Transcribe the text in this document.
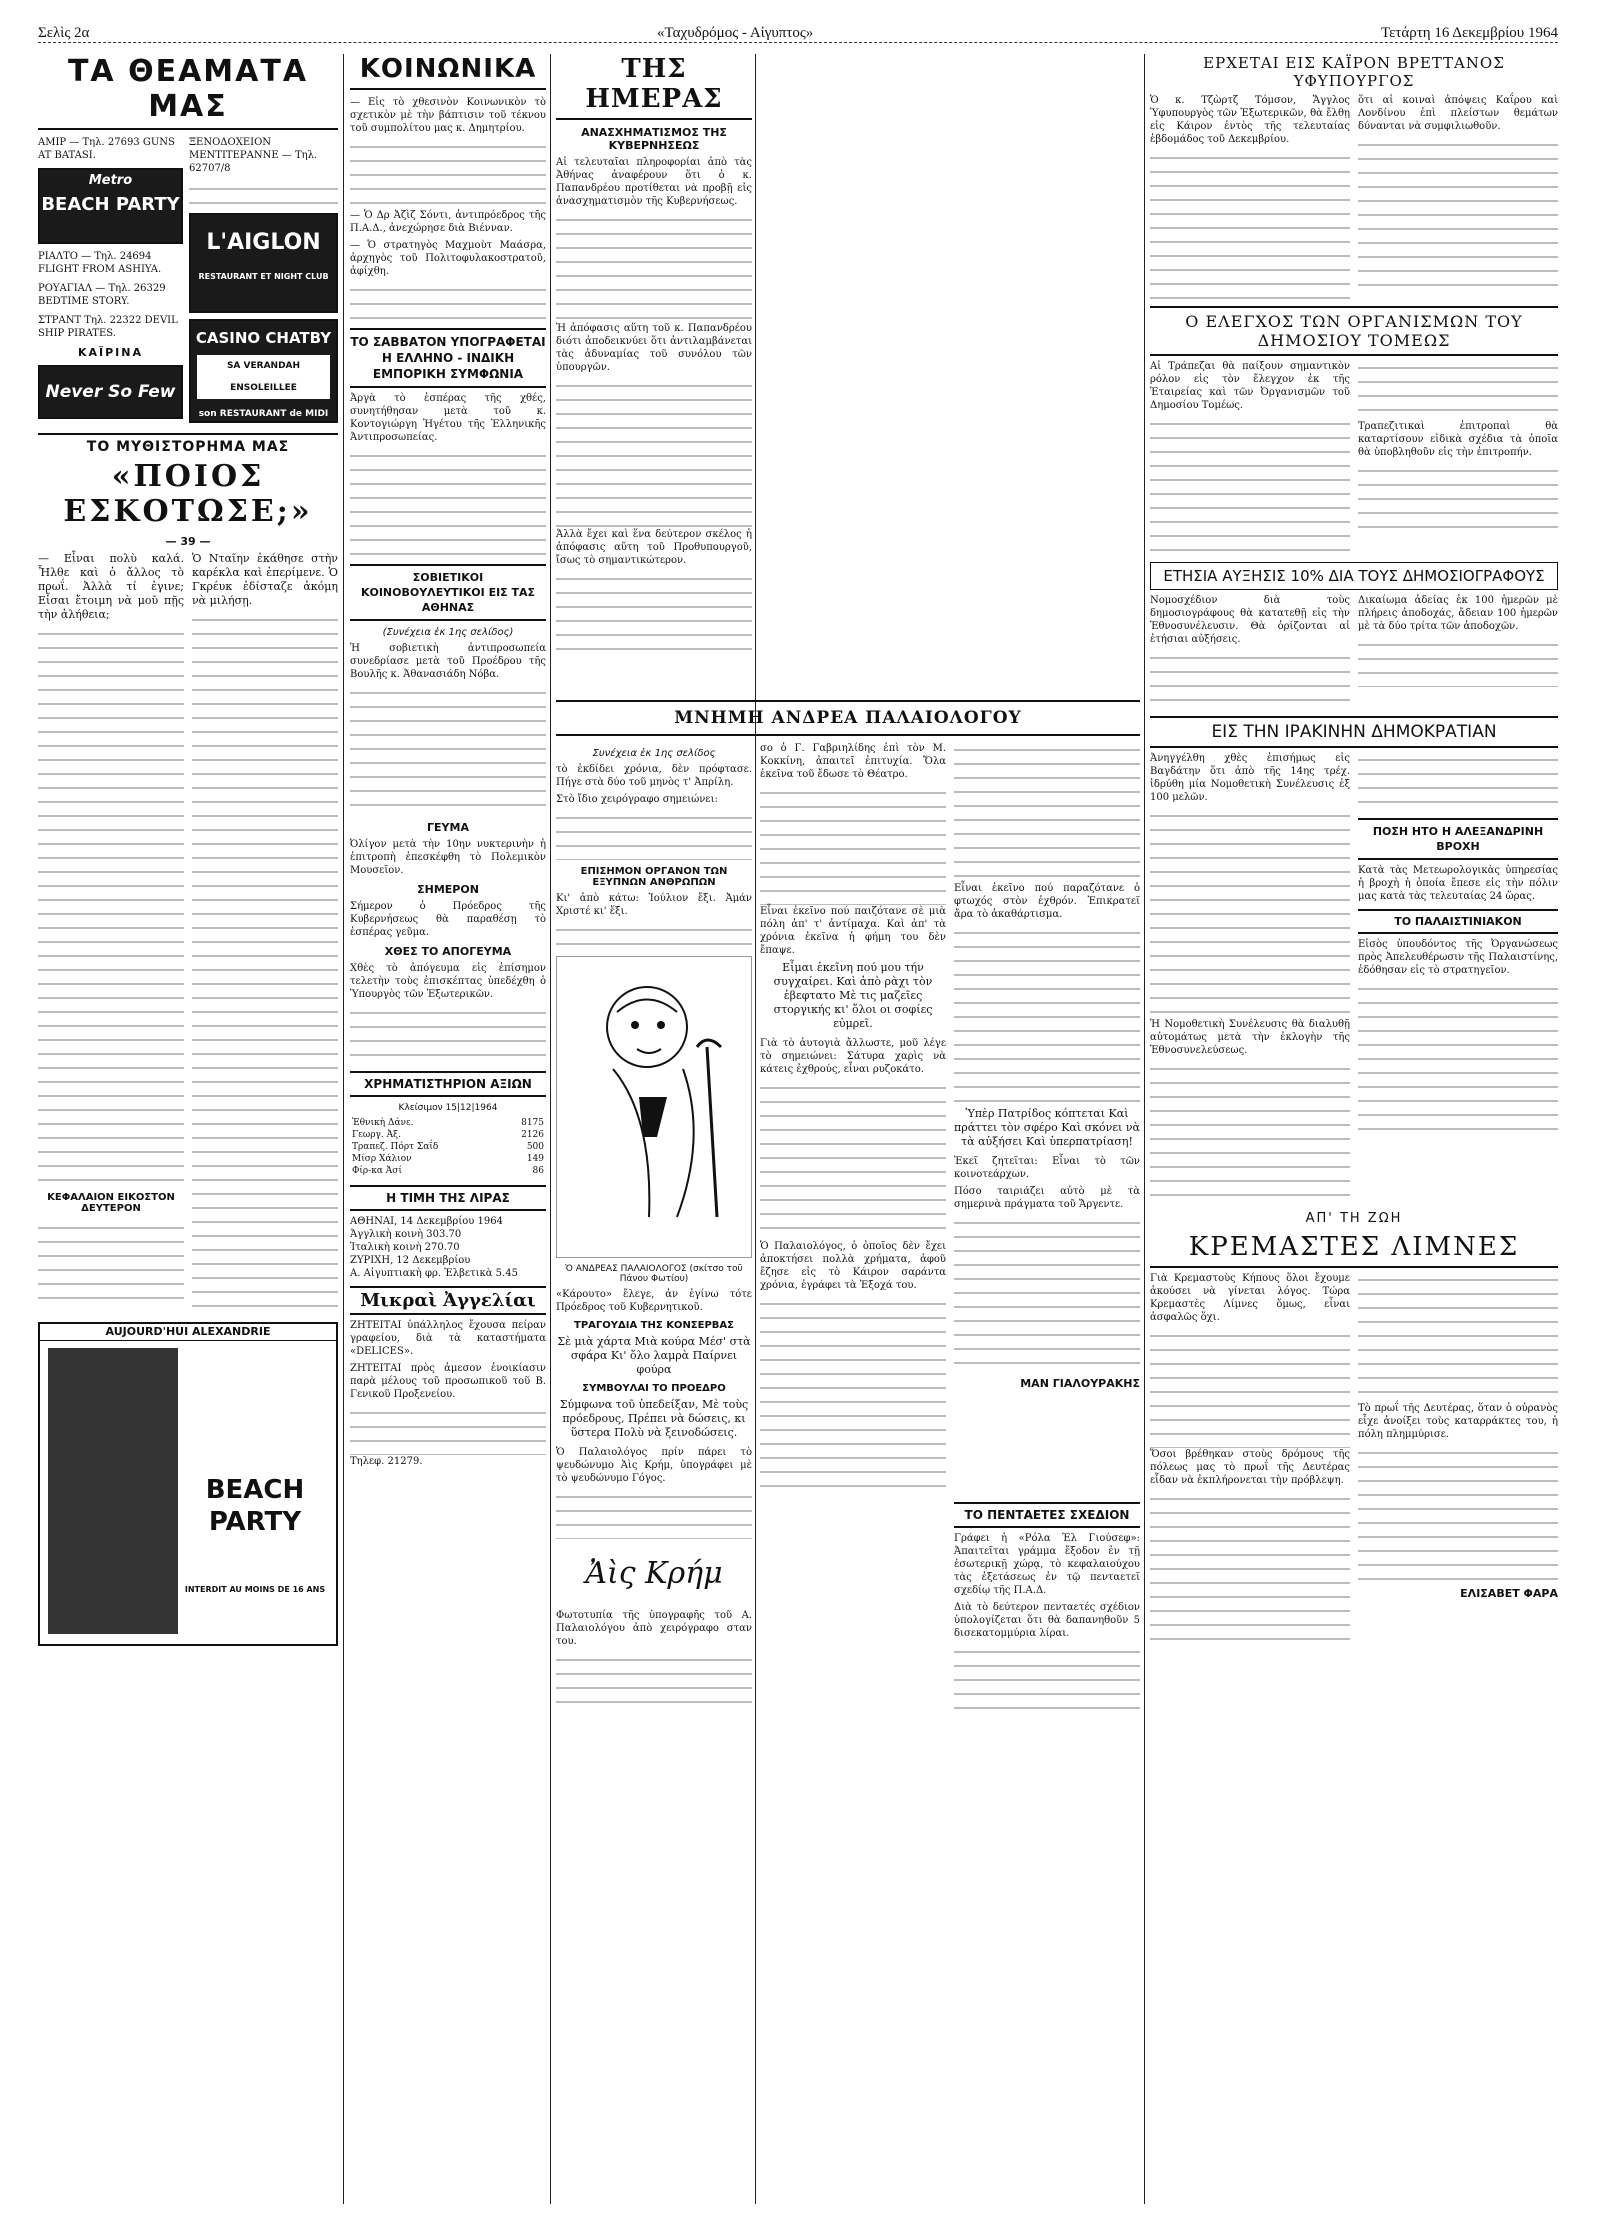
Σελὶς 2α	«Ταχυδρόμος - Αἰγυπτος»	Τετάρτη 16 Δεκεμβρίου 1964
ΤΑ ΘΕΑΜΑΤΑ ΜΑΣ

ΑΜΙΡ — Τηλ. 27693 GUNS AT BATASI.

Metro
BEACH PARTY

ΡΙΑΛΤΟ — Τηλ. 24694 FLIGHT FROM ASHIYA.

ΡΟΥΑΓΙΑΛ — Τηλ. 26329 BEDTIME STORY.

ΣΤΡΑΝΤ Τηλ. 22322 DEVIL SHIP PIRATES.

ΚΑΪΡΙΝΑ
Never So Few

ΞΕΝΟΔΟΧΕΙΟΝ ΜΕΝΤΙΤΕΡΑΝΝΕ — Τηλ. 62707/8

L'AIGLON
RESTAURANT ET NIGHT CLUB
CASINO CHATBY
SA VERANDAH ENSOLEILLEE
son RESTAURANT de MIDI
ΤΟ ΜΥΘΙΣΤΟΡΗΜΑ ΜΑΣ
«ΠΟΙΟΣ ΕΣΚΟΤΩΣΕ;»
— 39 —

— Εἶναι πολὺ καλά. Ἦλθε καὶ ὁ ἄλλος τὸ πρωΐ. Ἀλλὰ τί ἐγινε; Εἶσαι ἔτοιμη νὰ μοῦ πῇς τὴν ἀλήθεια;

ΚΕΦΑΛΑΙΟΝ ΕΙΚΟΣΤΟΝ ΔΕΥΤΕΡΟΝ

Ὁ Νταῖην ἐκάθησε στὴν καρέκλα καὶ ἐπερίμενε. Ὁ Γκρέυκ ἐδίσταζε ἀκόμη νὰ μιλήσῃ.

AUJOURD'HUI ALEXANDRIE
BEACH PARTY
INTERDIT AU MOINS DE 16 ANS
ΚΟΙΝΩΝΙΚΑ

— Εἰς τὸ χθεσινὸν Κοινωνικὸν τὸ σχετικὸν μὲ τὴν βάπτισιν τοῦ τέκνου τοῦ συμπολίτου μας κ. Δημητρίου.

— Ὁ Δρ Ἀζὶζ Σόντι, ἀντιπρόεδρος τῆς Π.Α.Δ., ἀνεχώρησε διὰ Βιένναν.

— Ὁ στρατηγὸς Μαχμοὺτ Μαάσρα, ἀρχηγὸς τοῦ Πολιτοφυλακοστρατοῦ, ἀφίχθη.

ΤΟ ΣΑΒΒΑΤΟΝ ΥΠΟΓΡΑΦΕΤΑΙ Η ΕΛΛΗΝΟ - ΙΝΔΙΚΗ ΕΜΠΟΡΙΚΗ ΣΥΜΦΩΝΙΑ

Ἀργὰ τὸ ἑσπέρας τῆς χθές, συνητήθησαν μετὰ τοῦ κ. Κοντογιώργη Ἡγέτου τῆς Ἑλληνικῆς Ἀντιπροσωπείας.

ΣΟΒΙΕΤΙΚΟΙ ΚΟΙΝΟΒΟΥΛΕΥΤΙΚΟΙ ΕΙΣ ΤΑΣ ΑΘΗΝΑΣ
(Συνέχεια ἐκ 1ης σελίδος)

Ἡ σοβιετικὴ ἀντιπροσωπεία συνεδρίασε μετὰ τοῦ Προέδρου τῆς Βουλῆς κ. Ἀθανασιάδη Νόβα.

ΓΕΥΜΑ

Ὀλίγον μετὰ τὴν 10ην νυκτερινὴν ἡ ἐπιτροπὴ ἐπεσκέφθη τὸ Πολεμικὸν Μουσεῖον.

ΣΗΜΕΡΟΝ

Σήμερον ὁ Πρόεδρος τῆς Κυβερνήσεως θὰ παραθέσῃ τὸ ἑσπέρας γεῦμα.

ΧΘΕΣ ΤΟ ΑΠΟΓΕΥΜΑ

Χθὲς τὸ ἀπόγευμα εἰς ἐπίσημον τελετὴν τοὺς ἐπισκέπτας ὑπεδέχθη ὁ Ὑπουργὸς τῶν Ἐξωτερικῶν.

ΧΡΗΜΑΤΙΣΤΗΡΙΟΝ ΑΞΙΩΝ
Κλείσιμον 15|12|1964
Ἐθνικὴ Δάνε.	8175
Γεωργ. Ἀξ.	2126
Τραπεζ. Πόρτ Σαΐδ	500
Μίσρ Χάλιον	149
Φίρ-κα Ἀσί	86
Η ΤΙΜΗ ΤΗΣ ΛΙΡΑΣ

ΑΘΗΝΑΙ, 14 Δεκεμβρίου 1964

Ἀγγλικὴ κοινὴ 303.70

Ἰταλικὴ κοινὴ 270.70

ΖΥΡΙΧΗ, 12 Δεκεμβρίου

Α. Αἰγυπτιακὴ φρ. Ἐλβετικὰ 5.45

Μικραὶ Ἀγγελίαι

ΖΗΤΕΙΤΑΙ ὑπάλληλος ἔχουσα πείραν γραφείου, διὰ τὰ καταστήματα «DELICES».

ΖΗΤΕΙΤΑΙ πρὸς ἀμεσον ἐνοικίασιν παρὰ μέλους τοῦ προσωπικοῦ τοῦ Β. Γενικοῦ Προξενείου.

Τηλεφ. 21279.

ΤΗΣ ΗΜΕΡΑΣ
ΑΝΑΣΧΗΜΑΤΙΣΜΟΣ ΤΗΣ ΚΥΒΕΡΝΗΣΕΩΣ

Αἱ τελευταῖαι πληροφορίαι ἀπὸ τὰς Ἀθήνας ἀναφέρουν ὅτι ὁ κ. Παπανδρέου προτίθεται νὰ προβῇ εἰς ἀνασχηματισμὸν τῆς Κυβερνήσεως.

Ἡ ἀπόφασις αὕτη τοῦ κ. Παπανδρέου διότι ἀποδεικνύει ὅτι ἀντιλαμβάνεται τὰς ἀδυναμίας τοῦ συνόλου τῶν ὑπουργῶν.

Ἀλλὰ ἔχει καὶ ἕνα δεύτερον σκέλος ἡ ἀπόφασις αὕτη τοῦ Προθυπουργοῦ, ἴσως τὸ σημαντικώτερον.

ΜΝΗΜΗ ΑΝΔΡΕΑ ΠΑΛΑΙΟΛΟΓΟΥ
Συνέχεια ἐκ 1ης σελίδος

τὸ ἐκδίδει χρόνια, δὲν πρόφτασε. Πήγε στὰ δύο τοῦ μηνὸς τ' Ἀπρίλη.

Στὸ ἴδιο χειρόγραφο σημειώνει:

ΕΠΙΣΗΜΟΝ ΟΡΓΑΝΟΝ ΤΩΝ ΕΞΥΠΝΩΝ ΑΝΘΡΩΠΩΝ

Κι' ἀπὸ κάτω: Ἰούλιον ἔξι. Ἀμάν Χριστέ κι' ἔξι.

Ὁ ΑΝΔΡΕΑΣ ΠΑΛΑΙΟΛΟΓΟΣ (σκίτσο τοῦ Πάνου Φωτίου)

«Κάρουτο» ἔλεγε, ἀν ἐγίνω τότε Πρόεδρος τοῦ Κυβερνητικοῦ.

ΤΡΑΓΟΥΔΙΑ ΤΗΣ ΚΟΝΣΕΡΒΑΣ

Σὲ μιὰ χάρτα Μιὰ κούρα Μέσ' στὰ σφάρα Κι' ὅλο λαμρὰ Παίρνει φούρα

ΣΥΜΒΟΥΛΑΙ ΤΟ ΠΡΟΕΔΡΟ

Σύμφωνα τοῦ ὑπεδείξαν, Μὲ τοὺς πρόεδρους, Πρέπει νὰ δώσεις, κι ὕστερα Πολὺ νὰ ξεινοδώσεις.

Ὁ Παλαιολόγος πρίν πάρει τὸ ψευδώνυμο Ἀὶς Κρήμ, ὑπογράφει μὲ τὸ ψευδώνυμο Γόγος.

Ἀὶς Κρήμ

Φωτοτυπία τῆς ὑπογραφῆς τοῦ Α. Παλαιολόγου ἀπὸ χειρόγραφο σταν του.

σο ὁ Γ. Γαβριηλίδης ἐπὶ τὸν Μ. Κοκκίνη, ἀπαιτεῖ ἐπιτυχία. Ὅλα ἐκεῖνα τοῦ ἔδωσε τὸ Θέατρο.

Εἶναι ἐκεῖνο πού παιζότανε σὲ μιὰ πόλη ἀπ' τ' ἀντίμαχα. Καὶ ἀπ' τὰ χρόνια ἐκεῖνα ἡ φήμη του δὲν ἔπαψε.

Εἶμαι ἐκεῖνη πού μου τήν συγχαίρει. Καὶ ἀπὸ ρὰχι τὸν ἐβεφτατο Μὲ τις μαζεῖες στοργικής κι' ὅλοι οι σοφίες εὐμρεῖ.

Γιὰ τὸ ἀυτογιὰ ἄλλωστε, μοῦ λέγε τὸ σημειώνει: Σάτυρα χαρὶς νὰ κάτεις ἐχθρούς, εἶναι ρυζοκάτο.

Ὁ Παλαιολόγος, ὁ ὁποῖος δὲν ἔχει ἀποκτήσει πολλὰ χρήματα, ἀφοῦ ἔζησε εἰς τὸ Κάιρον σαράντα χρόνια, ἐγράφει τὰ Ἐξοχά του.

Εἶναι ἐκεῖνο πού παραζότανε ὁ φτωχός στὸν ἐχθρόν. Ἐπικρατεῖ ἄρα τὸ ἀκαθάρτισμα.

Ὑπὲρ Πατρίδος κόπτεται Καὶ πράττει τὸν σφέρο Καὶ σκόνει νὰ τὰ αὐξήσει Καὶ ὑπερπατρίαση!

Ἐκεῖ ζητεῖται: Εἶναι τὸ τῶν κοινοτεάρχων.

Πόσο ταιριάζει αὐτὸ μὲ τὰ σημερινὰ πράγματα τοῦ Ἄργεντε.

ΜΑΝ ΓΙΑΛΟΥΡΑΚΗΣ
ΤΟ ΠΕΝΤΑΕΤΕΣ ΣΧΕΔΙΟΝ

Γράφει ἡ «Ρόλα Ἐλ Γιούσεφ»: Ἀπαιτεῖται γράμμα ἔξοδον ἐν τῇ ἐσωτερικῇ χώρᾳ, τὸ κεφαλαιούχου τὰς ἐξετάσεως ἐν τῷ πενταετεῖ σχεδίῳ τῆς Π.Α.Δ.

Διὰ τὸ δεύτερον πενταετές σχέδιον ὑπολογίζεται ὅτι θὰ δαπανηθοῦν 5 δισεκατομμύρια λίραι.

ΕΡΧΕΤΑΙ ΕΙΣ ΚΑΪΡΟΝ ΒΡΕΤΤΑΝΟΣ ΥΦΥΠΟΥΡΓΟΣ

Ὁ κ. Τζὼρτζ Τόμσον, Ἄγγλος Ὑφυπουργὸς τῶν Ἐξωτερικῶν, θὰ ἔλθῃ εἰς Κάιρον ἐντὸς τῆς τελευταίας ἑβδομάδος τοῦ Δεκεμβρίου.

ὅτι αἱ κοιναὶ ἀπόψεις Καΐρου καὶ Λονδίνου ἐπὶ πλείστων θεμάτων δύνανται νὰ συμφιλιωθοῦν.

Ο ΕΛΕΓΧΟΣ ΤΩΝ ΟΡΓΑΝΙΣΜΩΝ ΤΟΥ ΔΗΜΟΣΙΟΥ ΤΟΜΕΩΣ

Αἱ Τράπεζαι θὰ παίξουν σημαντικὸν ρόλον εἰς τὸν ἔλεγχον ἐκ τῆς Ἐταιρείας καὶ τῶν Ὀργανισμῶν τοῦ Δημοσίου Τομέως.

Τραπεζιτικαὶ ἐπιτροπαὶ θὰ καταρτίσουν εἰδικὰ σχέδια τὰ ὁποῖα θὰ ὑποβληθοῦν εἰς τὴν ἐπιτροπήν.

ΕΤΗΣΙΑ ΑΥΞΗΣΙΣ 10% ΔΙΑ ΤΟΥΣ ΔΗΜΟΣΙΟΓΡΑΦΟΥΣ

Νομοσχέδιον διὰ τοὺς δημοσιογράφους θὰ κατατεθῇ εἰς τὴν Ἐθνοσυνέλευσιν. Θὰ ὁρίζονται αἱ ἐτήσιαι αὐξήσεις.

Δικαίωμα ἀδείας ἐκ 100 ἡμερῶν μὲ πλήρεις ἀποδοχάς, ἄδειαν 100 ἡμερῶν μὲ τὰ δύο τρίτα τῶν ἀποδοχῶν.

ΕΙΣ ΤΗΝ ΙΡΑΚΙΝΗΝ ΔΗΜΟΚΡΑΤΙΑΝ

Ἀνηγγέλθη χθὲς ἐπισήμως εἰς Βαγδάτην ὅτι ἀπὸ τῆς 14ης τρέχ. ἰδρύθη μία Νομοθετικὴ Συνέλευσις ἐξ 100 μελῶν.

Ἡ Νομοθετικὴ Συνέλευσις θὰ διαλυθῇ αὐτομάτως μετὰ τὴν ἐκλογὴν τῆς Ἐθνοσυνελεύσεως.

ΠΟΣΗ ΗΤΟ Η ΑΛΕΞΑΝΔΡΙΝΗ ΒΡΟΧΗ

Κατὰ τὰς Μετεωρολογικὰς ὑπηρεσίας ἡ βροχὴ ἡ ὁποία ἔπεσε εἰς τὴν πόλιν μας κατὰ τὰς τελευταίας 24 ὥρας.

ΤΟ ΠΑΛΑΙΣΤΙΝΙΑΚΟΝ

Εἰσὸς ὑπουδόντος τῆς Ὀργανώσεως πρὸς Ἀπελευθέρωσιν τῆς Παλαιστίνης, ἐδόθησαν εἰς τὸ στρατηγεῖον.

ΑΠ' ΤΗ ΖΩΗ
ΚΡΕΜΑΣΤΕΣ ΛΙΜΝΕΣ

Γιὰ Κρεμαστοὺς Κήπους ὅλοι ἔχουμε ἀκούσει νὰ γίνεται λόγος. Τώρα Κρεμαστὲς Λίμνες ὅμως, εἶναι ἀσφαλῶς ὅχι.

Ὅσοι βρέθηκαν στοὺς δρόμους τῆς πόλεως μας τὸ πρωΐ τῆς Δευτέρας εἶδαν νὰ ἐκπλήρονεται τὴν πρόβλεψη.

Τὸ πρωΐ τῆς Δευτέρας, ὅταν ὁ οὐρανὸς εἶχε ἀνοίξει τοὺς καταρράκτες του, ἡ πόλη πλημμύρισε.

ΕΛΙΣΑΒΕΤ ΦΑΡΑ
